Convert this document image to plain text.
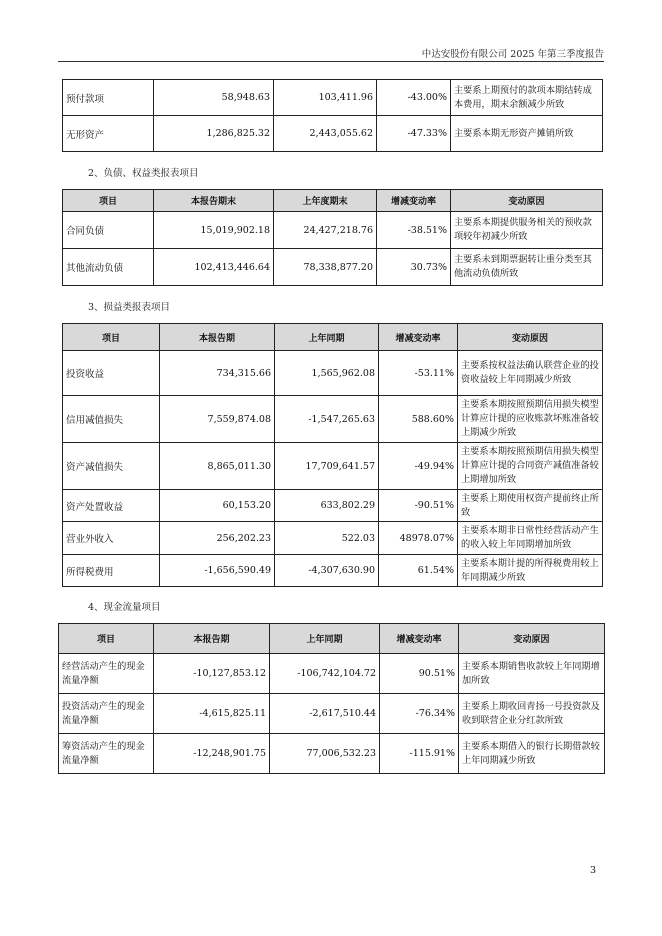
中达安股份有限公司 2025 年第三季度报告
预付款项	58,948.63	103,411.96	-43.00%	主要系上期预付的款项本期结转成本费用，期末余额减少所致
无形资产	1,286,825.32	2,443,055.62	-47.33%	主要系本期无形资产摊销所致
2、负债、权益类报表项目
项目	本报告期末	上年度期末	增减变动率	变动原因
合同负债	15,019,902.18	24,427,218.76	-38.51%	主要系本期提供服务相关的预收款项较年初减少所致
其他流动负债	102,413,446.64	78,338,877.20	30.73%	主要系未到期票据转让重分类至其他流动负债所致
3、损益类报表项目
项目	本报告期	上年同期	增减变动率	变动原因
投资收益	734,315.66	1,565,962.08	-53.11%	主要系按权益法确认联营企业的投资收益较上年同期减少所致
信用减值损失	7,559,874.08	-1,547,265.63	588.60%	主要系本期按照预期信用损失模型计算应计提的应收账款坏账准备较上期减少所致
资产减值损失	8,865,011.30	17,709,641.57	-49.94%	主要系本期按照预期信用损失模型计算应计提的合同资产减值准备较上期增加所致
资产处置收益	60,153.20	633,802.29	-90.51%	主要系上期使用权资产提前终止所致
营业外收入	256,202.23	522.03	48978.07%	主要系本期非日常性经营活动产生的收入较上年同期增加所致
所得税费用	-1,656,590.49	-4,307,630.90	61.54%	主要系本期计提的所得税费用较上年同期减少所致
4、现金流量项目
项目	本报告期	上年同期	增减变动率	变动原因
经营活动产生的现金流量净额	-10,127,853.12	-106,742,104.72	90.51%	主要系本期销售收款较上年同期增加所致
投资活动产生的现金流量净额	-4,615,825.11	-2,617,510.44	-76.34%	主要系上期收回青扬一号投资款及收到联营企业分红款所致
筹资活动产生的现金流量净额	-12,248,901.75	77,006,532.23	-115.91%	主要系本期借入的银行长期借款较上年同期减少所致
3
